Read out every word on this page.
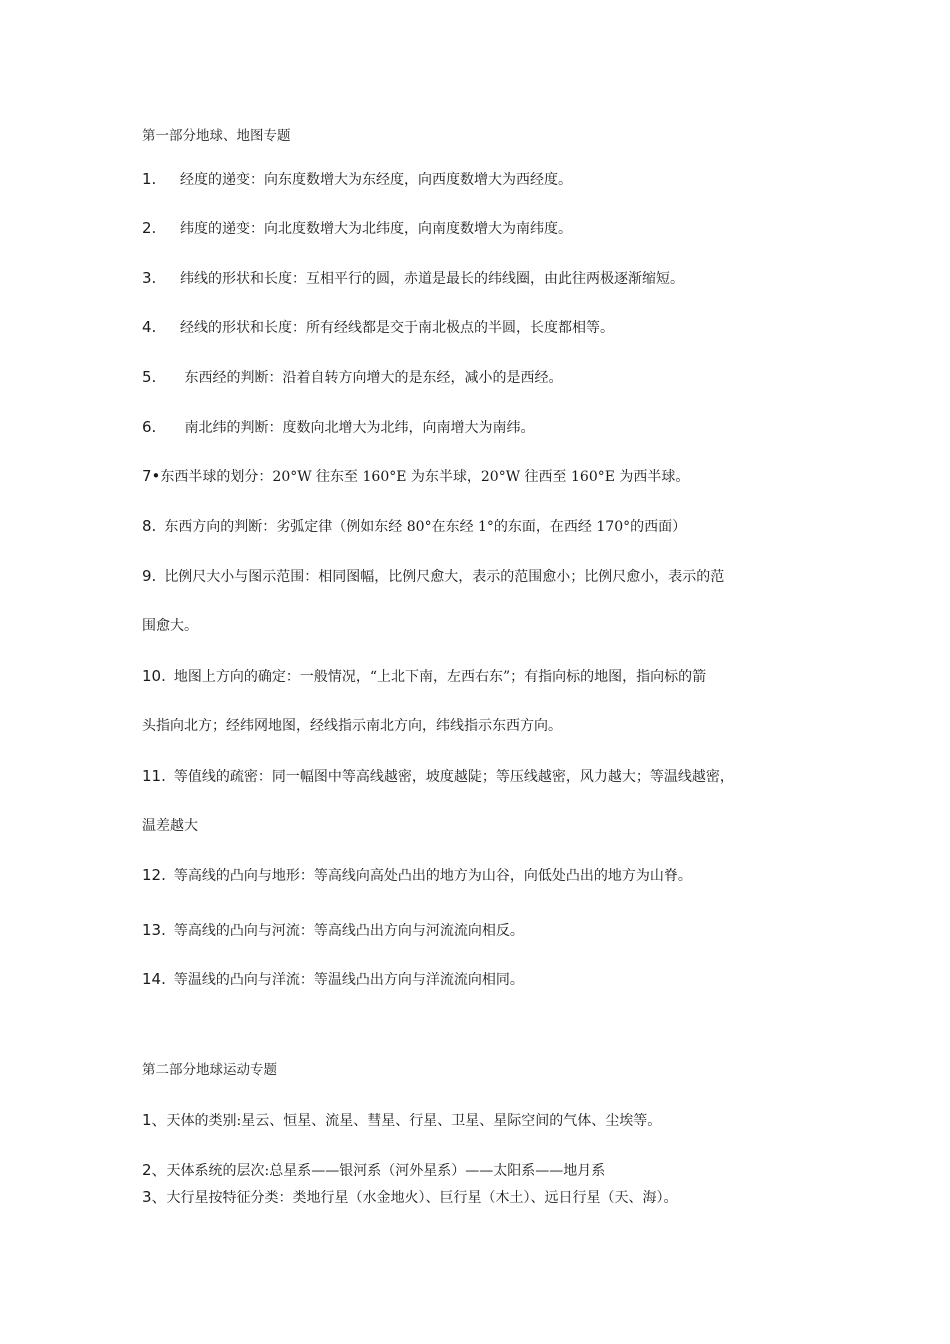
第一部分地球、地图专题
1. 经度的递变：向东度数增大为东经度，向西度数增大为西经度。
2. 纬度的递变：向北度数增大为北纬度，向南度数增大为南纬度。
3. 纬线的形状和长度：互相平行的圆，赤道是最长的纬线圈，由此往两极逐渐缩短。
4. 经线的形状和长度：所有经线都是交于南北极点的半圆，长度都相等。
5. 东西经的判断：沿着自转方向增大的是东经，减小的是西经。
6. 南北纬的判断：度数向北增大为北纬，向南增大为南纬。
7•东西半球的划分：20°W 往东至 160°E 为东半球，20°W 往西至 160°E 为西半球。
8. 东西方向的判断：劣弧定律（例如东经 80°在东经 1°的东面，在西经 170°的西面）
9. 比例尺大小与图示范围：相同图幅，比例尺愈大，表示的范围愈小；比例尺愈小，表示的范
围愈大。
10. 地图上方向的确定：一般情况，“上北下南，左西右东”；有指向标的地图，指向标的箭
头指向北方；经纬网地图，经线指示南北方向，纬线指示东西方向。
11. 等值线的疏密：同一幅图中等高线越密，坡度越陡；等压线越密，风力越大；等温线越密，
温差越大
12. 等高线的凸向与地形：等高线向高处凸出的地方为山谷，向低处凸出的地方为山脊。
13. 等高线的凸向与河流：等高线凸出方向与河流流向相反。
14. 等温线的凸向与洋流：等温线凸出方向与洋流流向相同。
第二部分地球运动专题
1、天体的类别:星云、恒星、流星、彗星、行星、卫星、星际空间的气体、尘埃等。
2、天体系统的层次:总星系——银河系（河外星系）——太阳系——地月系
3、大行星按特征分类：类地行星（水金地火）、巨行星（木土）、远日行星（天、海）。
